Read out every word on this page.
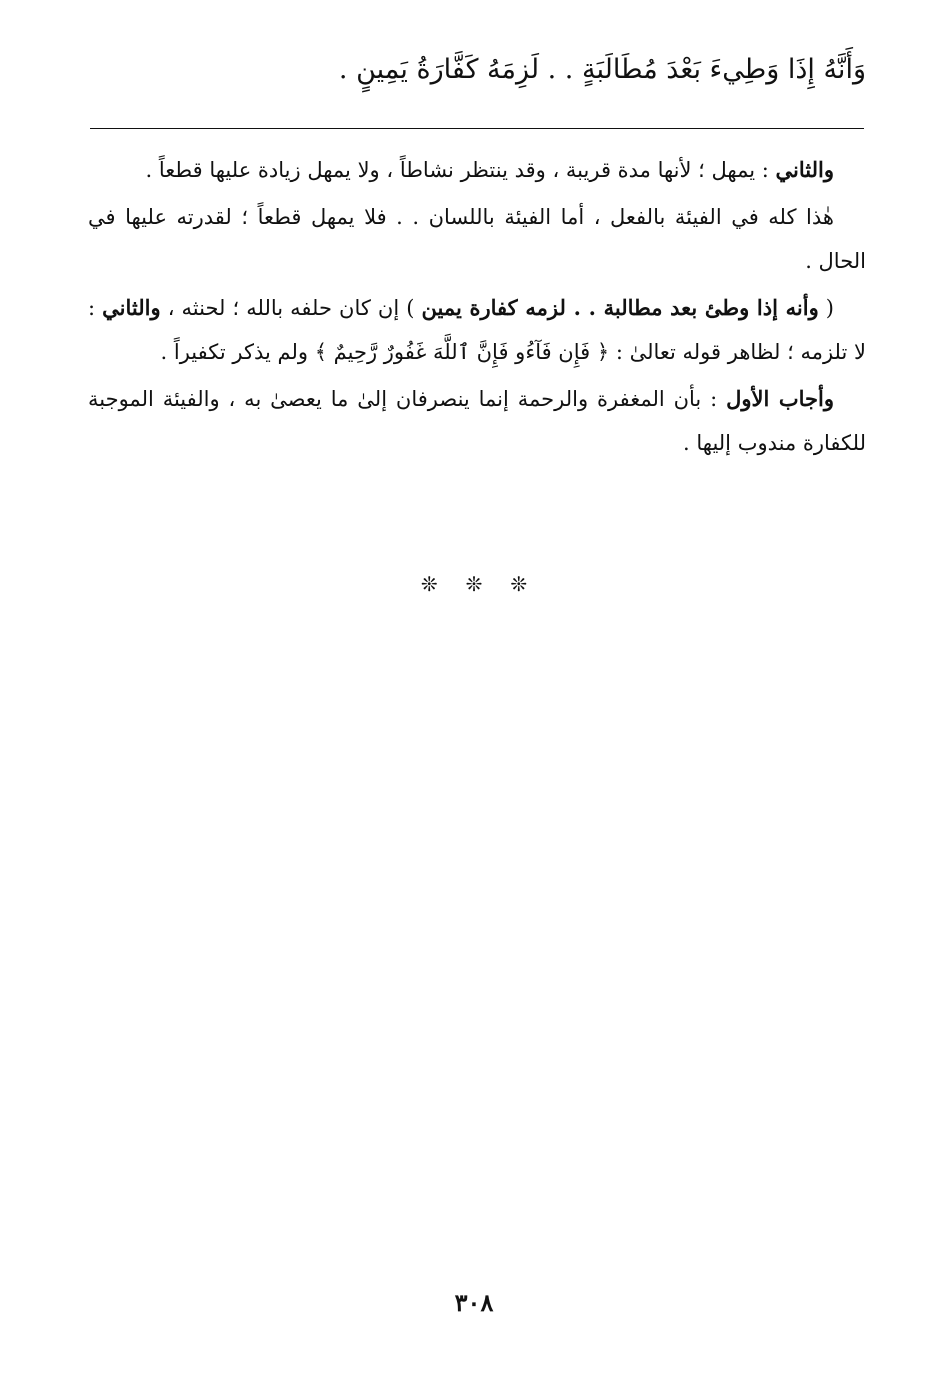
وَأَنَّهُ إِذَا وَطِيءَ بَعْدَ مُطَالَبَةٍ . . لَزِمَهُ كَفَّارَةُ يَمِينٍ .

والثاني : يمهل ؛ لأنها مدة قريبة ، وقد ينتظر نشاطاً ، ولا يمهل زيادة عليها قطعاً .

هٰذا كله في الفيئة بالفعل ، أما الفيئة باللسان . . فلا يمهل قطعاً ؛ لقدرته عليها في الحال .

( وأنه إذا وطئ بعد مطالبة . . لزمه كفارة يمين ) إن كان حلفه بالله ؛ لحنثه ، والثاني : لا تلزمه ؛ لظاهر قوله تعالىٰ : ﴿ فَإِن فَآءُو فَإِنَّ ٱللَّهَ غَفُورٌ رَّحِيمٌ ﴾ ولم يذكر تكفيراً .

وأجاب الأول : بأن المغفرة والرحمة إنما ينصرفان إلىٰ ما يعصىٰ به ، والفيئة الموجبة للكفارة مندوب إليها .

❊ ❊ ❊
٣٠٨
